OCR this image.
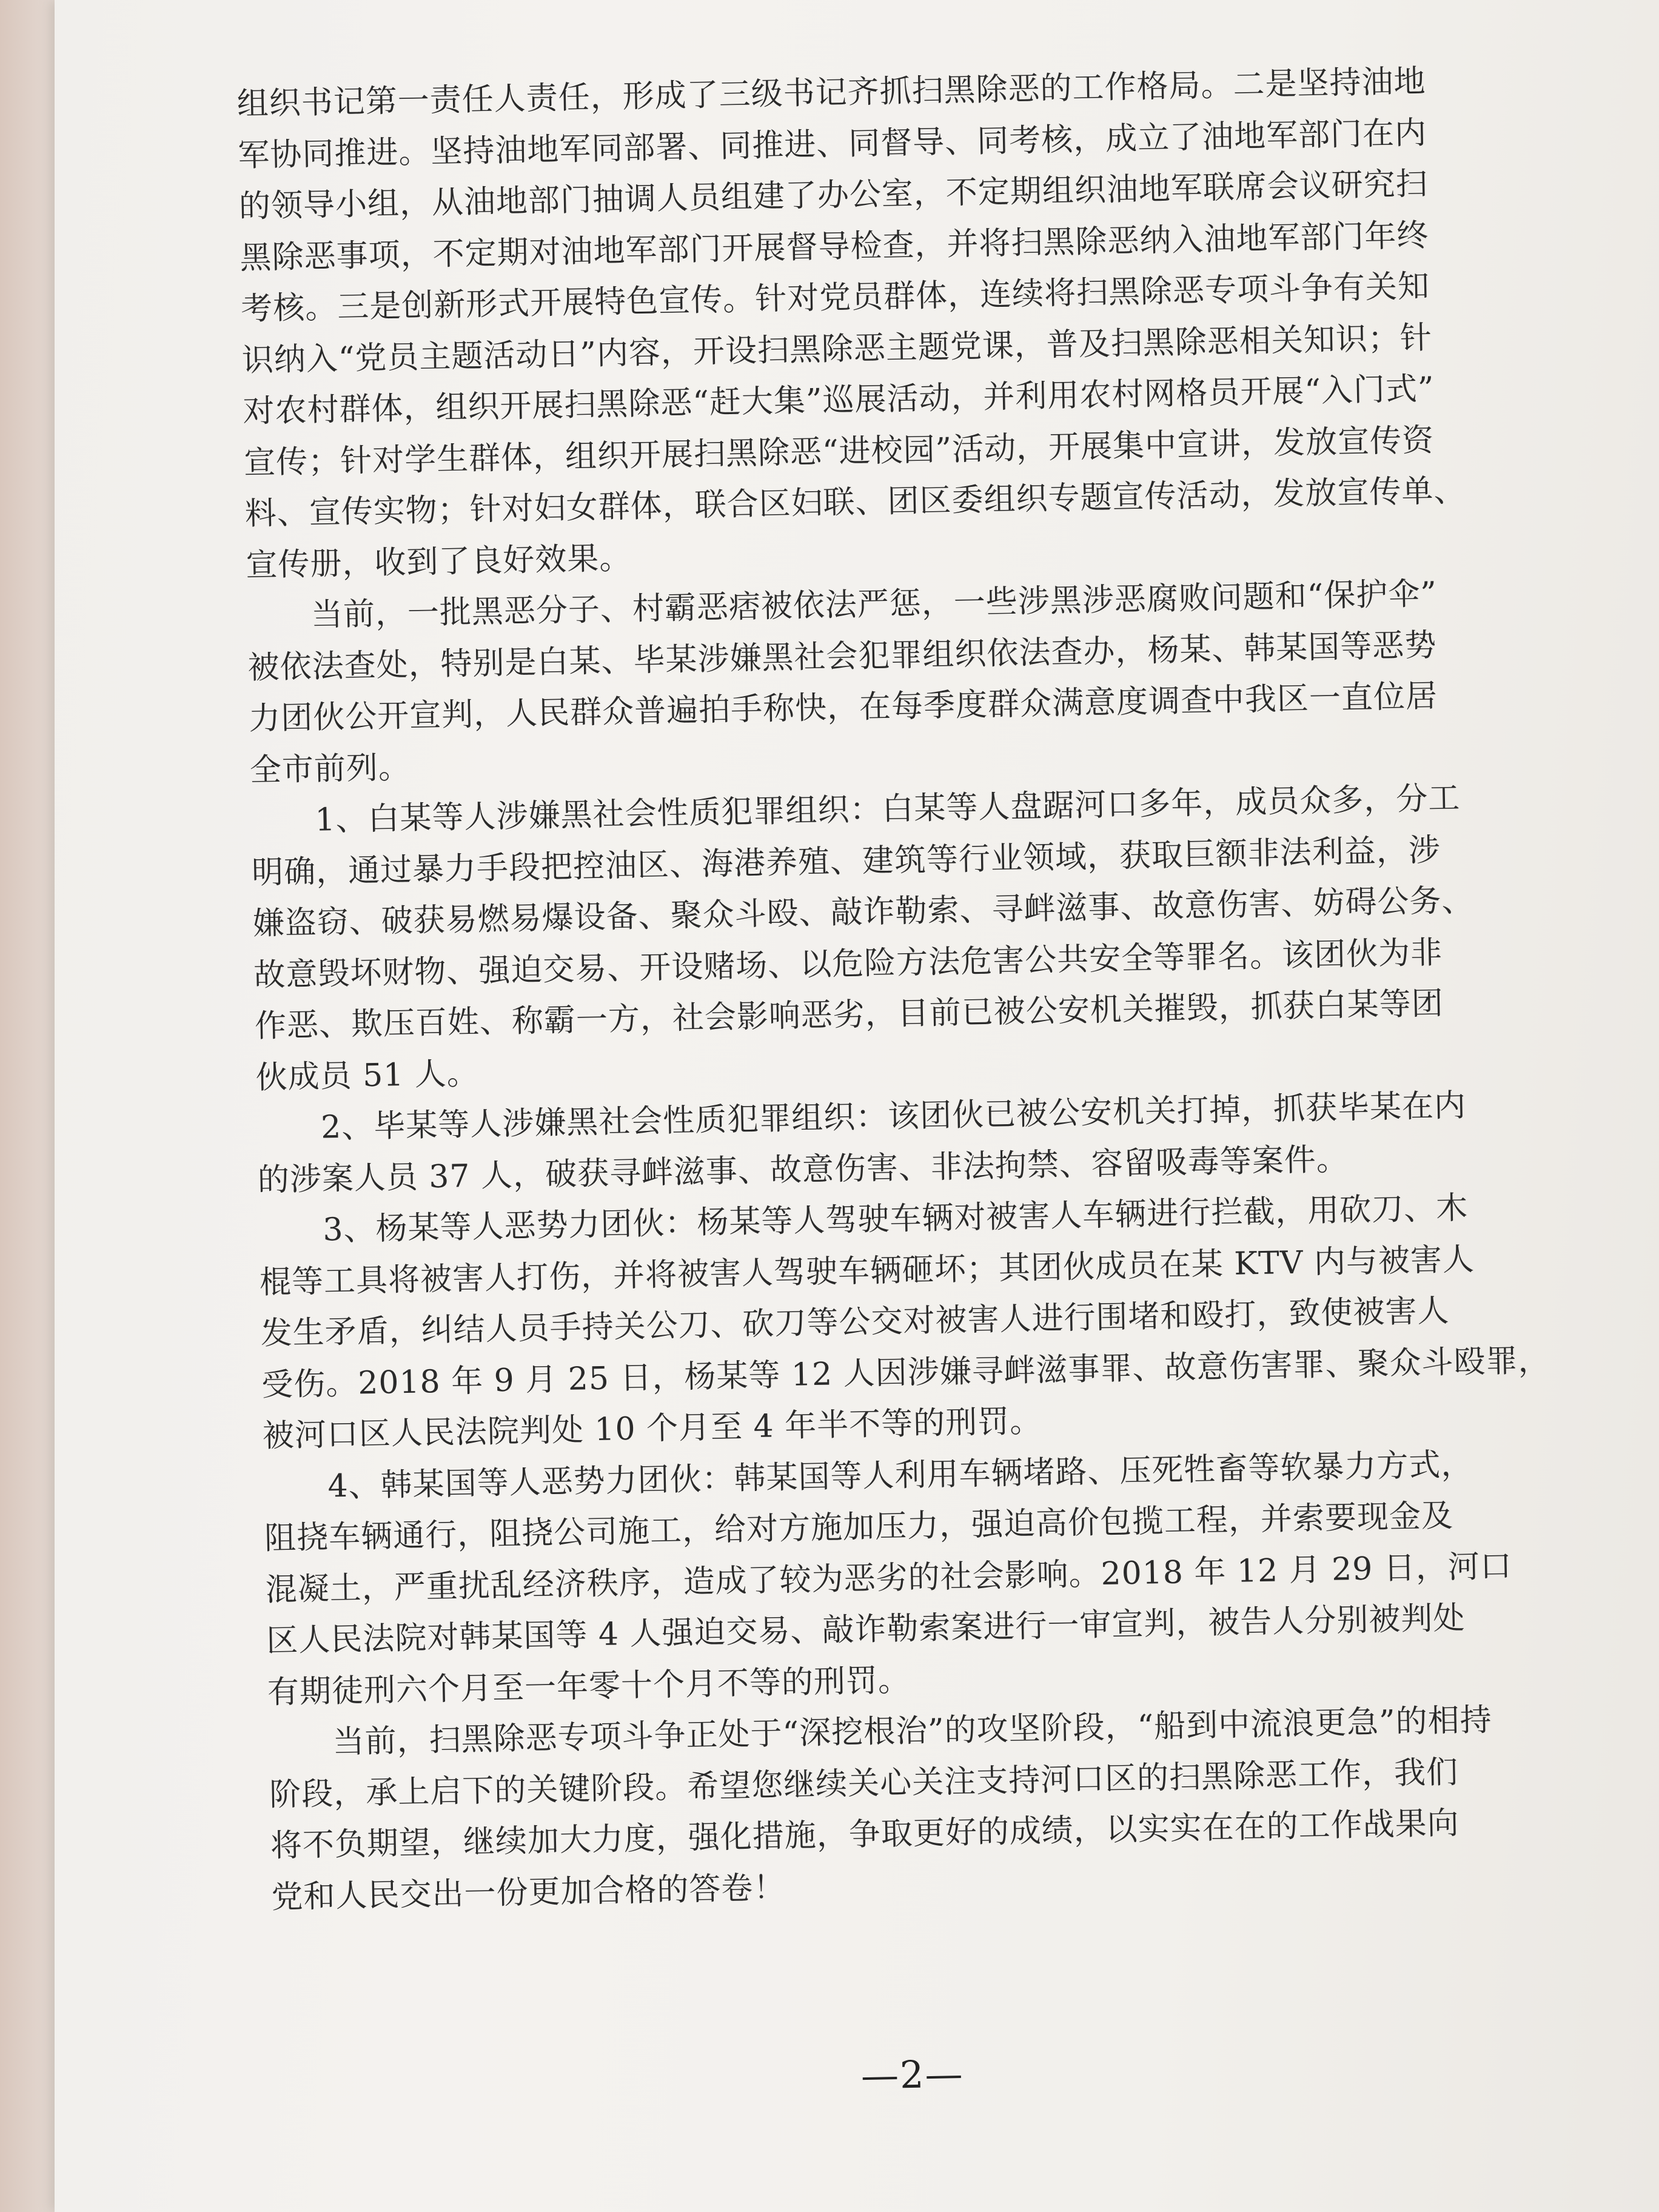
组织书记第一责任人责任，形成了三级书记齐抓扫黑除恶的工作格局。二是坚持油地
军协同推进。坚持油地军同部署、同推进、同督导、同考核，成立了油地军部门在内
的领导小组，从油地部门抽调人员组建了办公室，不定期组织油地军联席会议研究扫
黑除恶事项，不定期对油地军部门开展督导检查，并将扫黑除恶纳入油地军部门年终
考核。三是创新形式开展特色宣传。针对党员群体，连续将扫黑除恶专项斗争有关知
识纳入“党员主题活动日”内容，开设扫黑除恶主题党课，普及扫黑除恶相关知识；针
对农村群体，组织开展扫黑除恶“赶大集”巡展活动，并利用农村网格员开展“入门式”
宣传；针对学生群体，组织开展扫黑除恶“进校园”活动，开展集中宣讲，发放宣传资
料、宣传实物；针对妇女群体，联合区妇联、团区委组织专题宣传活动，发放宣传单、
宣传册，收到了良好效果。
　　当前，一批黑恶分子、村霸恶痞被依法严惩，一些涉黑涉恶腐败问题和“保护伞”
被依法查处，特别是白某、毕某涉嫌黑社会犯罪组织依法查办，杨某、韩某国等恶势
力团伙公开宣判，人民群众普遍拍手称快，在每季度群众满意度调查中我区一直位居
全市前列。
　　1、白某等人涉嫌黑社会性质犯罪组织：白某等人盘踞河口多年，成员众多，分工
明确，通过暴力手段把控油区、海港养殖、建筑等行业领域，获取巨额非法利益，涉
嫌盗窃、破获易燃易爆设备、聚众斗殴、敲诈勒索、寻衅滋事、故意伤害、妨碍公务、
故意毁坏财物、强迫交易、开设赌场、以危险方法危害公共安全等罪名。该团伙为非
作恶、欺压百姓、称霸一方，社会影响恶劣，目前已被公安机关摧毁，抓获白某等团
伙成员 51 人。
　　2、毕某等人涉嫌黑社会性质犯罪组织：该团伙已被公安机关打掉，抓获毕某在内
的涉案人员 37 人，破获寻衅滋事、故意伤害、非法拘禁、容留吸毒等案件。
　　3、杨某等人恶势力团伙：杨某等人驾驶车辆对被害人车辆进行拦截，用砍刀、木
棍等工具将被害人打伤，并将被害人驾驶车辆砸坏；其团伙成员在某 KTV 内与被害人
发生矛盾，纠结人员手持关公刀、砍刀等公交对被害人进行围堵和殴打，致使被害人
受伤。2018 年 9 月 25 日，杨某等 12 人因涉嫌寻衅滋事罪、故意伤害罪、聚众斗殴罪，
被河口区人民法院判处 10 个月至 4 年半不等的刑罚。
　　4、韩某国等人恶势力团伙：韩某国等人利用车辆堵路、压死牲畜等软暴力方式，
阻挠车辆通行，阻挠公司施工，给对方施加压力，强迫高价包揽工程，并索要现金及
混凝土，严重扰乱经济秩序，造成了较为恶劣的社会影响。2018 年 12 月 29 日，河口
区人民法院对韩某国等 4 人强迫交易、敲诈勒索案进行一审宣判，被告人分别被判处
有期徒刑六个月至一年零十个月不等的刑罚。
　　当前，扫黑除恶专项斗争正处于“深挖根治”的攻坚阶段，“船到中流浪更急”的相持
阶段，承上启下的关键阶段。希望您继续关心关注支持河口区的扫黑除恶工作，我们
将不负期望，继续加大力度，强化措施，争取更好的成绩，以实实在在的工作战果向
党和人民交出一份更加合格的答卷！
—2—
